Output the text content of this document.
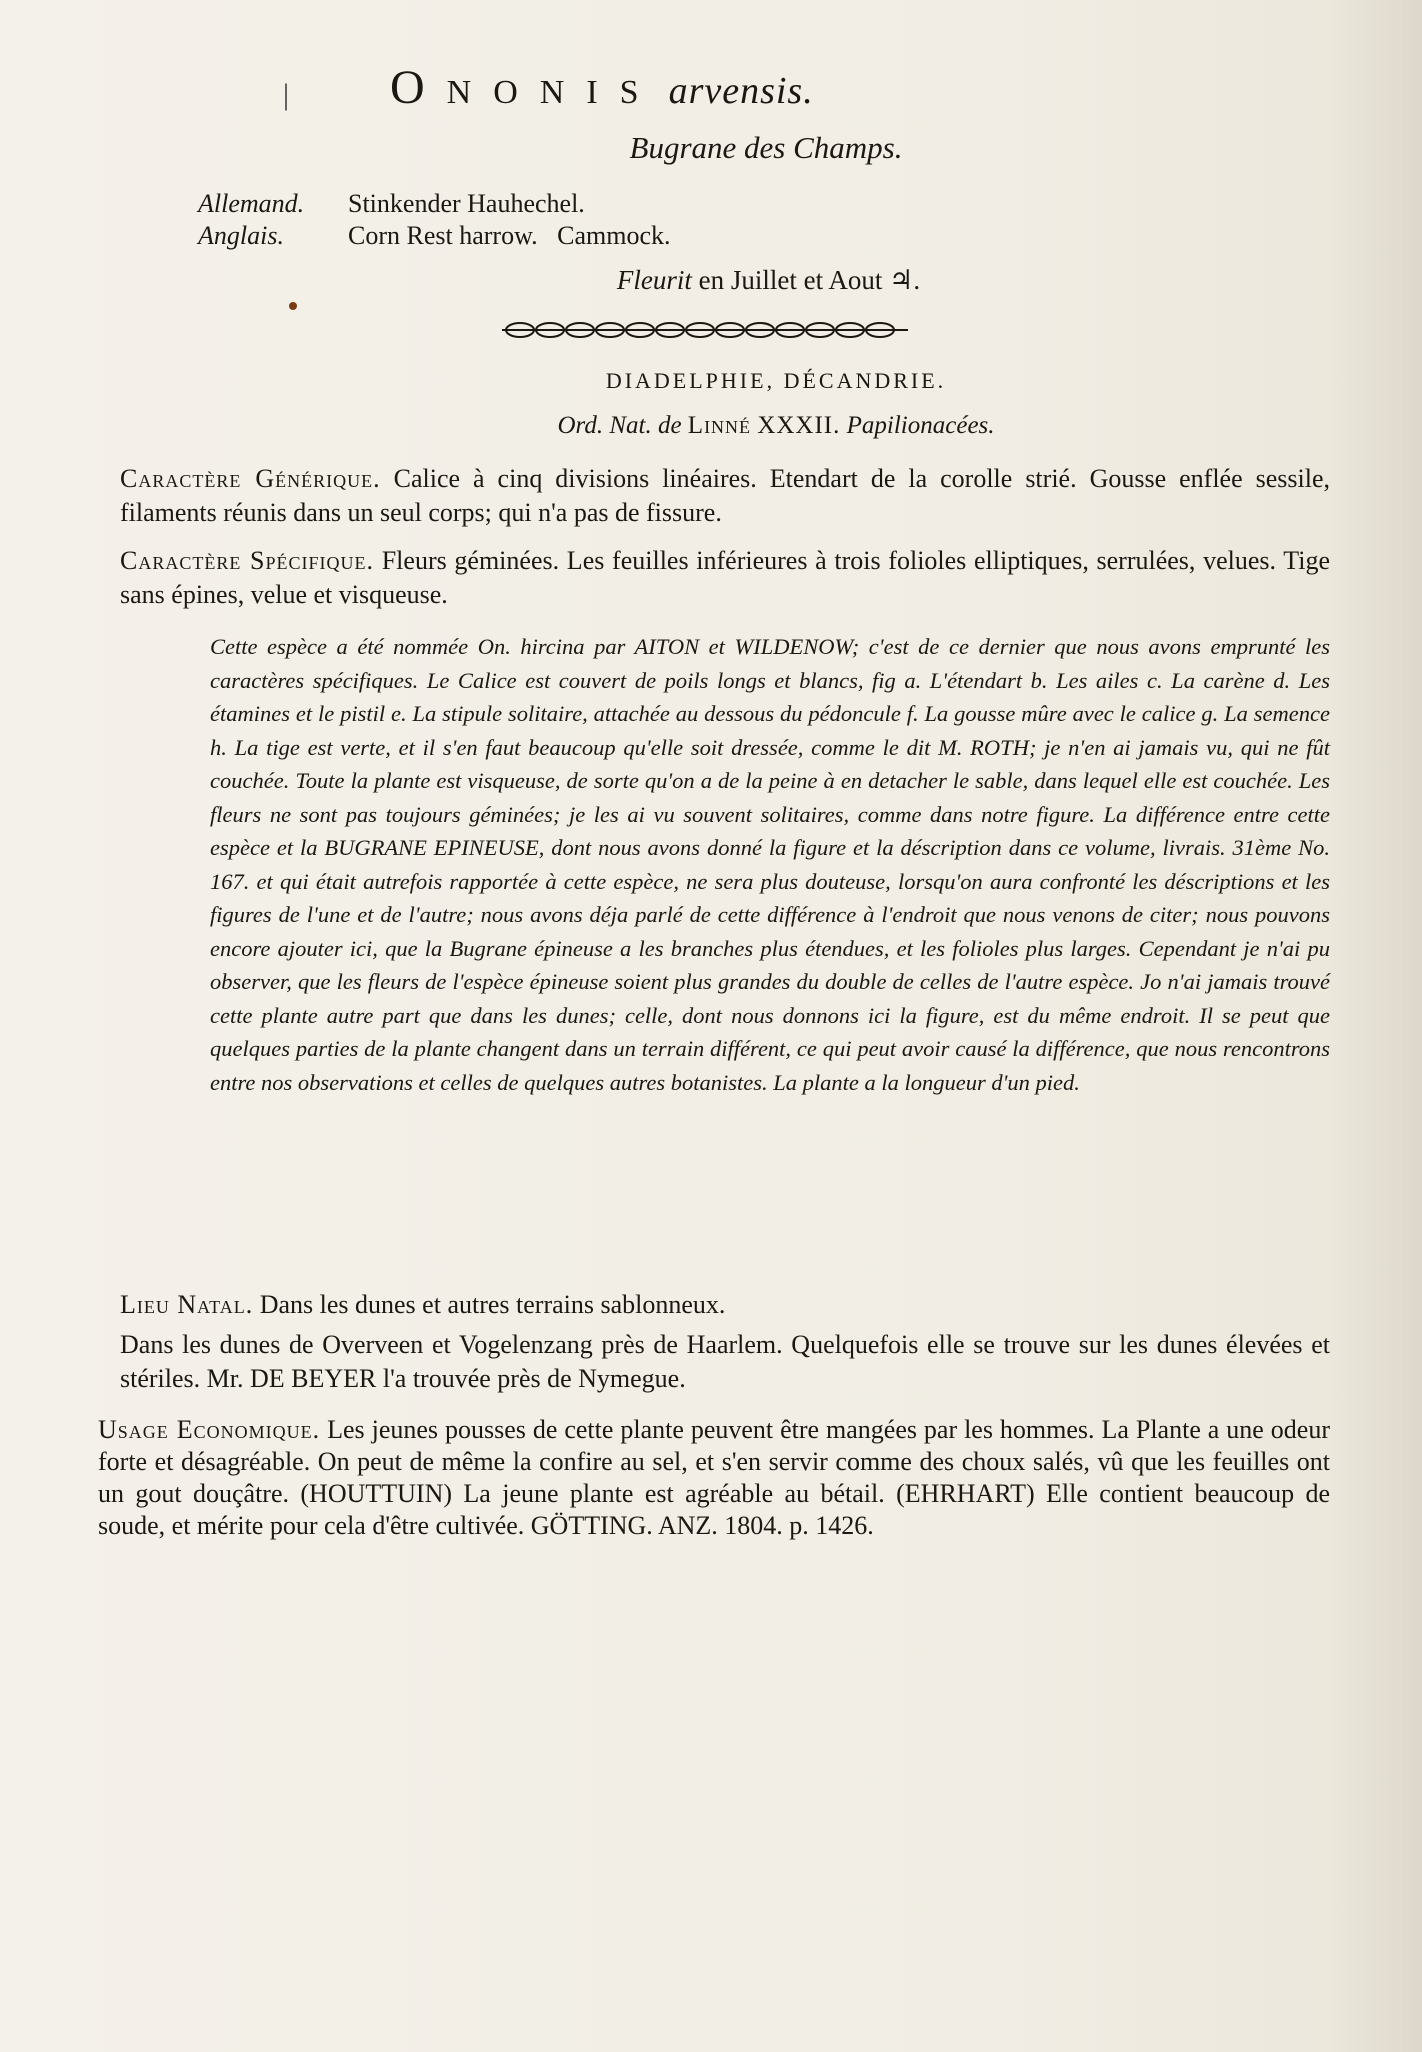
| Ononis arvensis.
Bugrane des Champs.
Allemand.	Stinkender Hauhechel.
Anglais.	Corn Rest harrow.   Cammock.
Fleurit en Juillet et Aout ♃.
DIADELPHIE, DÉCANDRIE.
Ord. Nat. de Linné XXXII. Papilionacées.
Caractère Générique. Calice à cinq divisions linéaires. Etendart de la corolle strié. Gousse enflée sessile, filaments réunis dans un seul corps; qui n'a pas de fissure.
Caractère Spécifique. Fleurs géminées. Les feuilles inférieures à trois folioles elliptiques, serrulées, velues. Tige sans épines, velue et visqueuse.
Cette espèce a été nommée On. hircina par AITON et WILDENOW; c'est de ce dernier que nous avons emprunté les caractères spécifiques. Le Calice est couvert de poils longs et blancs, fig a. L'étendart b. Les ailes c. La carène d. Les étamines et le pistil e. La stipule solitaire, attachée au dessous du pédoncule f. La gousse mûre avec le calice g. La semence h. La tige est verte, et il s'en faut beaucoup qu'elle soit dressée, comme le dit M. ROTH; je n'en ai jamais vu, qui ne fût couchée. Toute la plante est visqueuse, de sorte qu'on a de la peine à en detacher le sable, dans lequel elle est couchée. Les fleurs ne sont pas toujours géminées; je les ai vu souvent solitaires, comme dans notre figure. La différence entre cette espèce et la BUGRANE EPINEUSE, dont nous avons donné la figure et la déscription dans ce volume, livrais. 31ème No. 167. et qui était autrefois rapportée à cette espèce, ne sera plus douteuse, lorsqu'on aura confronté les déscriptions et les figures de l'une et de l'autre; nous avons déja parlé de cette différence à l'endroit que nous venons de citer; nous pouvons encore ajouter ici, que la Bugrane épineuse a les branches plus étendues, et les folioles plus larges. Cependant je n'ai pu observer, que les fleurs de l'espèce épineuse soient plus grandes du double de celles de l'autre espèce. Jo n'ai jamais trouvé cette plante autre part que dans les dunes; celle, dont nous donnons ici la figure, est du même endroit. Il se peut que quelques parties de la plante changent dans un terrain différent, ce qui peut avoir causé la différence, que nous rencontrons entre nos observations et celles de quelques autres botanistes. La plante a la longueur d'un pied.
Lieu Natal. Dans les dunes et autres terrains sablonneux.
Dans les dunes de Overveen et Vogelenzang près de Haarlem. Quelquefois elle se trouve sur les dunes élevées et stériles. Mr. DE BEYER l'a trouvée près de Nymegue.
Usage Economique. Les jeunes pousses de cette plante peuvent être mangées par les hommes. La Plante a une odeur forte et désagréable. On peut de même la confire au sel, et s'en servir comme des choux salés, vû que les feuilles ont un gout douçâtre. (HOUTTUIN) La jeune plante est agréable au bétail. (EHRHART) Elle contient beaucoup de soude, et mérite pour cela d'être cultivée. GÖTTING. ANZ. 1804. p. 1426.
